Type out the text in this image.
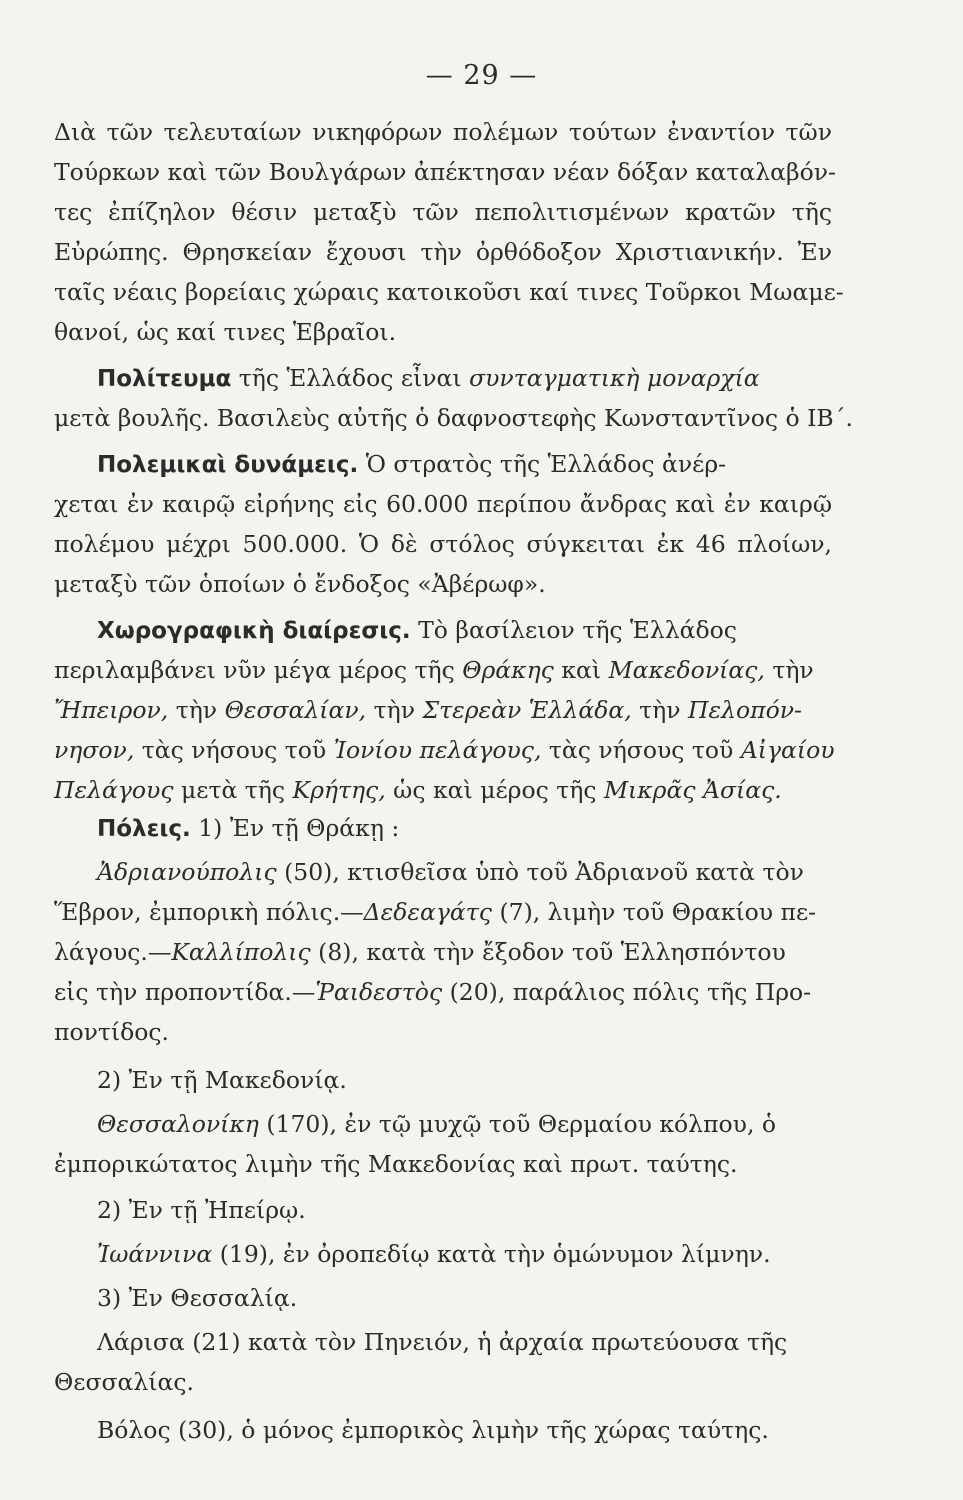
— 29 —
Διὰ τῶν τελευταίων νικηφόρων πολέμων τούτων ἐναντίον τῶν
Τούρκων καὶ τῶν Βουλγάρων ἀπέκτησαν νέαν δόξαν καταλαβόν-
τες ἐπίζηλον θέσιν μεταξὺ τῶν πεπολιτισμένων κρατῶν τῆς
Εὐρώπης. Θρησκείαν ἔχουσι τὴν ὀρθόδοξον Χριστιανικήν. Ἐν
ταῖς νέαις βορείαις χώραις κατοικοῦσι καί τινες Τοῦρκοι Μωαμε-
θανοί, ὡς καί τινες Ἑβραῖοι.
Πολίτευμα τῆς Ἑλλάδος εἶναι συνταγματικὴ μοναρχία
μετὰ βουλῆς. Βασιλεὺς αὐτῆς ὁ δαφνοστεφὴς Κωνσταντῖνος ὁ ΙΒ΄.
Πολεμικαὶ δυνάμεις. Ὁ στρατὸς τῆς Ἑλλάδος ἀνέρ-
χεται ἐν καιρῷ εἰρήνης εἰς 60.000 περίπου ἄνδρας καὶ ἐν καιρῷ
πολέμου μέχρι 500.000. Ὁ δὲ στόλος σύγκειται ἐκ 46 πλοίων,
μεταξὺ τῶν ὁποίων ὁ ἔνδοξος «Ἀβέρωφ».
Χωρογραφικὴ διαίρεσις. Τὸ βασίλειον τῆς Ἑλλάδος
περιλαμβάνει νῦν μέγα μέρος τῆς Θράκης καὶ Μακεδονίας, τὴν
Ἤπειρον, τὴν Θεσσαλίαν, τὴν Στερεὰν Ἑλλάδα, τὴν Πελοπόν-
νησον, τὰς νήσους τοῦ Ἰονίου πελάγους, τὰς νήσους τοῦ Αἰγαίου
Πελάγους μετὰ τῆς Κρήτης, ὡς καὶ μέρος τῆς Μικρᾶς Ἀσίας.
Πόλεις. 1) Ἐν τῇ Θράκῃ :
Ἀδριανούπολις (50), κτισθεῖσα ὑπὸ τοῦ Ἀδριανοῦ κατὰ τὸν
Ἕβρον, ἐμπορικὴ πόλις.—Δεδεαγάτς (7), λιμὴν τοῦ Θρακίου πε-
λάγους.—Καλλίπολις (8), κατὰ τὴν ἔξοδον τοῦ Ἑλλησπόντου
εἰς τὴν προποντίδα.—Ῥαιδεστὸς (20), παράλιος πόλις τῆς Προ-
ποντίδος.
2) Ἐν τῇ Μακεδονίᾳ.
Θεσσαλονίκη (170), ἐν τῷ μυχῷ τοῦ Θερμαίου κόλπου, ὁ
ἐμπορικώτατος λιμὴν τῆς Μακεδονίας καὶ πρωτ. ταύτης.
2) Ἐν τῇ Ἠπείρῳ.
Ἰωάννινα (19), ἐν ὀροπεδίῳ κατὰ τὴν ὁμώνυμον λίμνην.
3) Ἐν Θεσσαλίᾳ.
Λάρισα (21) κατὰ τὸν Πηνειόν, ἡ ἀρχαία πρωτεύουσα τῆς
Θεσσαλίας.
Βόλος (30), ὁ μόνος ἐμπορικὸς λιμὴν τῆς χώρας ταύτης.
